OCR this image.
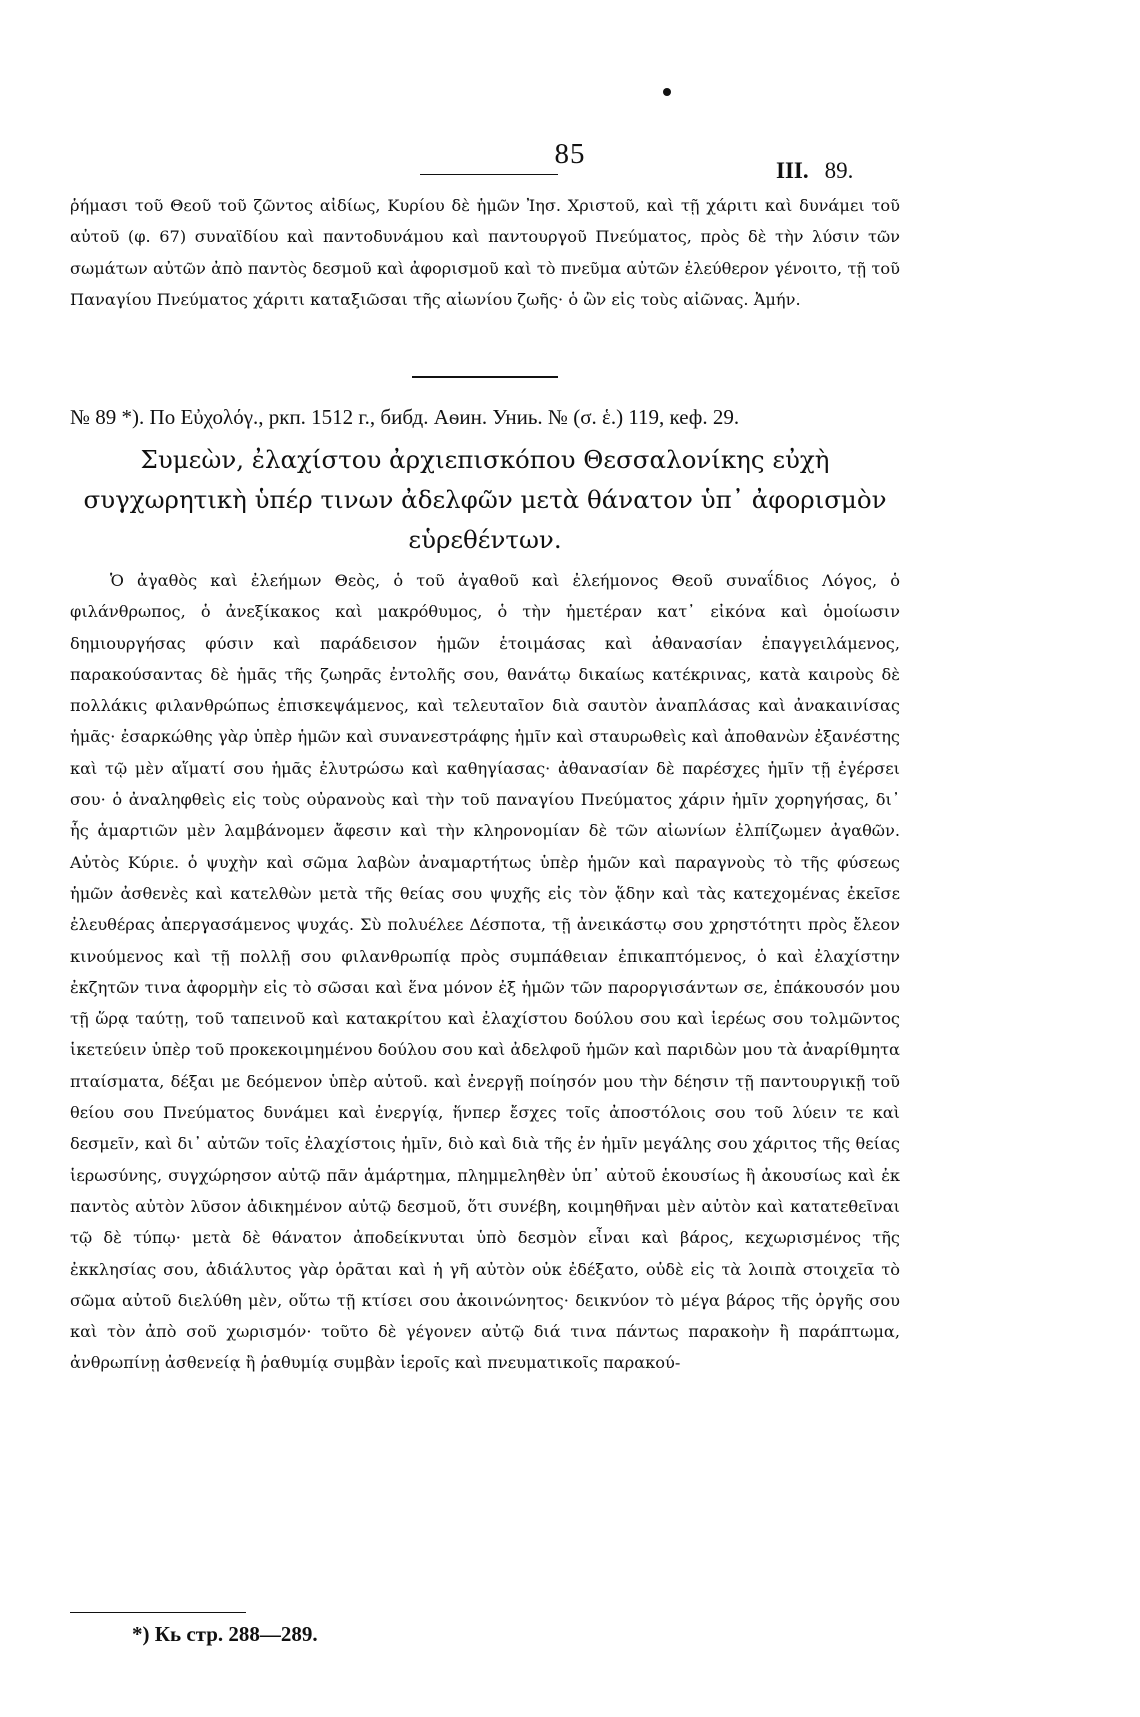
85
III. 89.
ῥήμασι τοῦ Θεοῦ τοῦ ζῶντος αἰδίως, Κυρίου δὲ ἡμῶν Ἰησ. Χριστοῦ, καὶ τῇ χάριτι καὶ δυνάμει τοῦ αὐτοῦ (φ. 67) συναϊδίου καὶ παντοδυνάμου καὶ παντουργοῦ Πνεύματος, πρὸς δὲ τὴν λύσιν τῶν σωμάτων αὐτῶν ἀπὸ παντὸς δεσμοῦ καὶ ἀφορισμοῦ καὶ τὸ πνεῦμα αὐτῶν ἐλεύθερον γένοιτο, τῇ τοῦ Παναγίου Πνεύματος χάριτι καταξιῶσαι τῆς αἰωνίου ζωῆς· ὁ ὢν εἰς τοὺς αἰῶνας. Ἀμήν.
№ 89 *). По Εὐχολόγ., ркп. 1512 г., бибд. Аѳин. Униь. № (σ. ἑ.) 119, кеф. 29.
Συμεὼν, ἐλαχίστου ἀρχιεπισκόπου Θεσσαλονίκης εὐχὴ συγχωρητικὴ ὑπέρ τινων ἀδελφῶν μετὰ θάνατον ὑπ᾽ ἀφορισμὸν εὑρεθέντων.
Ὁ ἀγαθὸς καὶ ἐλεήμων Θεὸς, ὁ τοῦ ἀγαθοῦ καὶ ἐλεήμονος Θεοῦ συναΐδιος Λόγος, ὁ φιλάνθρωπος, ὁ ἀνεξίκακος καὶ μακρόθυμος, ὁ τὴν ἡμετέραν κατ᾽ εἰκόνα καὶ ὁμοίωσιν δημιουργήσας φύσιν καὶ παράδεισον ἡμῶν ἑτοιμάσας καὶ ἀθανασίαν ἐπαγγειλάμενος, παρακούσαντας δὲ ἡμᾶς τῆς ζωηρᾶς ἐντολῆς σου, θανάτῳ δικαίως κατέκρινας, κατὰ καιροὺς δὲ πολλάκις φιλανθρώπως ἐπισκεψάμενος, καὶ τελευταῖον διὰ σαυτὸν ἀναπλάσας καὶ ἀνακαινίσας ἡμᾶς· ἐσαρκώθης γὰρ ὑπὲρ ἡμῶν καὶ συνανεστράφης ἡμῖν καὶ σταυρωθεὶς καὶ ἀποθανὼν ἐξανέστης καὶ τῷ μὲν αἵματί σου ἡμᾶς ἐλυτρώσω καὶ καθηγίασας· ἀθανασίαν δὲ παρέσχες ἡμῖν τῇ ἐγέρσει σου· ὁ ἀναληφθεὶς εἰς τοὺς οὐρανοὺς καὶ τὴν τοῦ παναγίου Πνεύματος χάριν ἡμῖν χορηγήσας, δι᾽ ἧς ἁμαρτιῶν μὲν λαμβάνομεν ἄφεσιν καὶ τὴν κληρονομίαν δὲ τῶν αἰωνίων ἐλπίζωμεν ἀγαθῶν. Αὐτὸς Κύριε. ὁ ψυχὴν καὶ σῶμα λαβὼν ἀναμαρτήτως ὑπὲρ ἡμῶν καὶ παραγνοὺς τὸ τῆς φύσεως ἡμῶν ἀσθενὲς καὶ κατελθὼν μετὰ τῆς θείας σου ψυχῆς εἰς τὸν ᾅδην καὶ τὰς κατεχομένας ἐκεῖσε ἐλευθέρας ἀπεργασάμενος ψυχάς. Σὺ πολυέλεε Δέσποτα, τῇ ἀνεικάστῳ σου χρηστότητι πρὸς ἔλεον κινούμενος καὶ τῇ πολλῇ σου φιλανθρωπίᾳ πρὸς συμπάθειαν ἐπικαπτόμενος, ὁ καὶ ἐλαχίστην ἐκζητῶν τινα ἀφορμὴν εἰς τὸ σῶσαι καὶ ἕνα μόνον ἐξ ἡμῶν τῶν παροργισάντων σε, ἐπάκουσόν μου τῇ ὥρᾳ ταύτῃ, τοῦ ταπεινοῦ καὶ κατακρίτου καὶ ἐλαχίστου δούλου σου καὶ ἱερέως σου τολμῶντος ἱκετεύειν ὑπὲρ τοῦ προκεκοιμημένου δούλου σου καὶ ἀδελφοῦ ἡμῶν καὶ παριδὼν μου τὰ ἀναρίθμητα πταίσματα, δέξαι με δεόμενον ὑπὲρ αὐτοῦ. καὶ ἐνεργῇ ποίησόν μου τὴν δέησιν τῇ παντουργικῇ τοῦ θείου σου Πνεύματος δυνάμει καὶ ἐνεργίᾳ, ἥνπερ ἔσχες τοῖς ἀποστόλοις σου τοῦ λύειν τε καὶ δεσμεῖν, καὶ δι᾽ αὐτῶν τοῖς ἐλαχίστοις ἡμῖν, διὸ καὶ διὰ τῆς ἐν ἡμῖν μεγάλης σου χάριτος τῆς θείας ἱερωσύνης, συγχώρησον αὐτῷ πᾶν ἁμάρτημα, πλημμεληθὲν ὑπ᾽ αὐτοῦ ἑκουσίως ἢ ἀκουσίως καὶ ἐκ παντὸς αὐτὸν λῦσον ἀδικημένον αὐτῷ δεσμοῦ, ὅτι συνέβη, κοιμηθῆναι μὲν αὐτὸν καὶ κατατεθεῖναι τῷ δὲ τύπῳ· μετὰ δὲ θάνατον ἀποδείκνυται ὑπὸ δεσμὸν εἶναι καὶ βάρος, κεχωρισμένος τῆς ἐκκλησίας σου, ἀδιάλυτος γὰρ ὁρᾶται καὶ ἡ γῆ αὐτὸν οὐκ ἐδέξατο, οὐδὲ εἰς τὰ λοιπὰ στοιχεῖα τὸ σῶμα αὐτοῦ διελύθη μὲν, οὕτω τῇ κτίσει σου ἀκοινώνητος· δεικνύον τὸ μέγα βάρος τῆς ὀργῆς σου καὶ τὸν ἀπὸ σοῦ χωρισμόν· τοῦτο δὲ γέγονεν αὐτῷ διά τινα πάντως παρακοὴν ἢ παράπτωμα, ἀνθρωπίνῃ ἀσθενείᾳ ἢ ῥαθυμίᾳ συμβὰν ἱεροῖς καὶ πνευματικοῖς παρακού-
*) Кь стр. 288—289.
